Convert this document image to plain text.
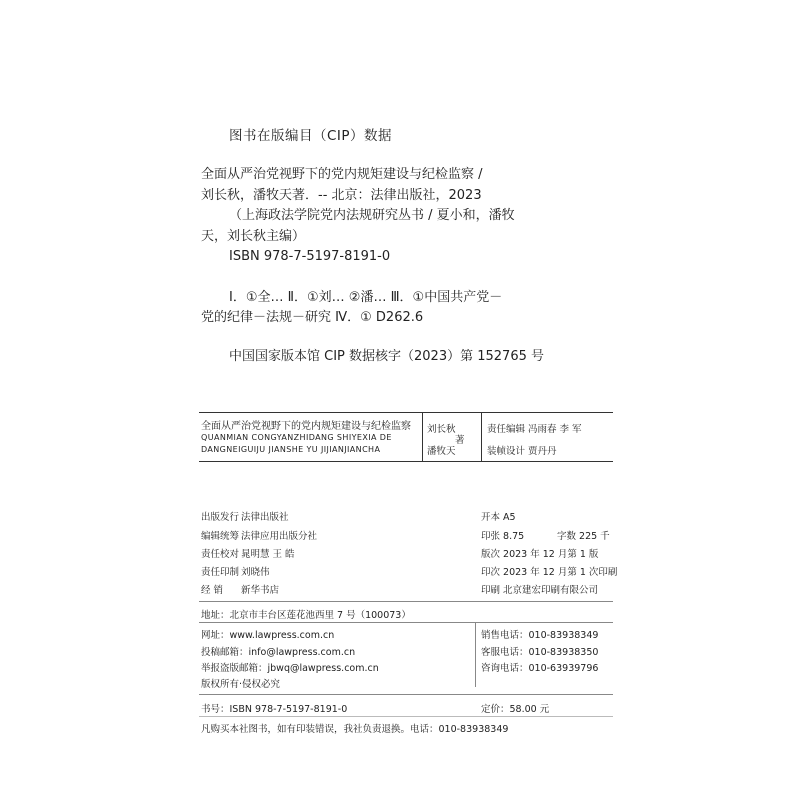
图书在版编目（CIP）数据
全面从严治党视野下的党内规矩建设与纪检监察 /
刘长秋，潘牧天著．-- 北京：法律出版社，2023
（上海政法学院党内法规研究丛书 / 夏小和，潘牧
天，刘长秋主编）
ISBN 978-7-5197-8191-0
Ⅰ．①全… Ⅱ．①刘… ②潘… Ⅲ．①中国共产党－
党的纪律－法规－研究 Ⅳ．① D262.6
中国国家版本馆 CIP 数据核字（2023）第 152765 号
全面从严治党视野下的党内规矩建设与纪检监察
QUANMIAN CONGYANZHIDANG SHIYEXIA DE
DANGNEIGUIJU JIANSHE YU JIJIANJIANCHA
刘长秋
潘牧天
著
责任编辑 冯雨春 李 军
装帧设计 贾丹丹
出版发行 法律出版社
编辑统筹 法律应用出版分社
责任校对 晁明慧 王 皓
责任印制 刘晓伟
经 销 新华书店
开本 A5
印张 8.75	字数 225 千
版次 2023 年 12 月第 1 版
印次 2023 年 12 月第 1 次印刷
印刷 北京建宏印刷有限公司
地址：北京市丰台区莲花池西里 7 号（100073）
网址：www.lawpress.com.cn
投稿邮箱：info@lawpress.com.cn
举报盗版邮箱：jbwq@lawpress.com.cn
版权所有·侵权必究
销售电话：010-83938349
客服电话：010-83938350
咨询电话：010-63939796
书号：ISBN 978-7-5197-8191-0	定价：58.00 元
凡购买本社图书，如有印装错误，我社负责退换。电话：010-83938349
